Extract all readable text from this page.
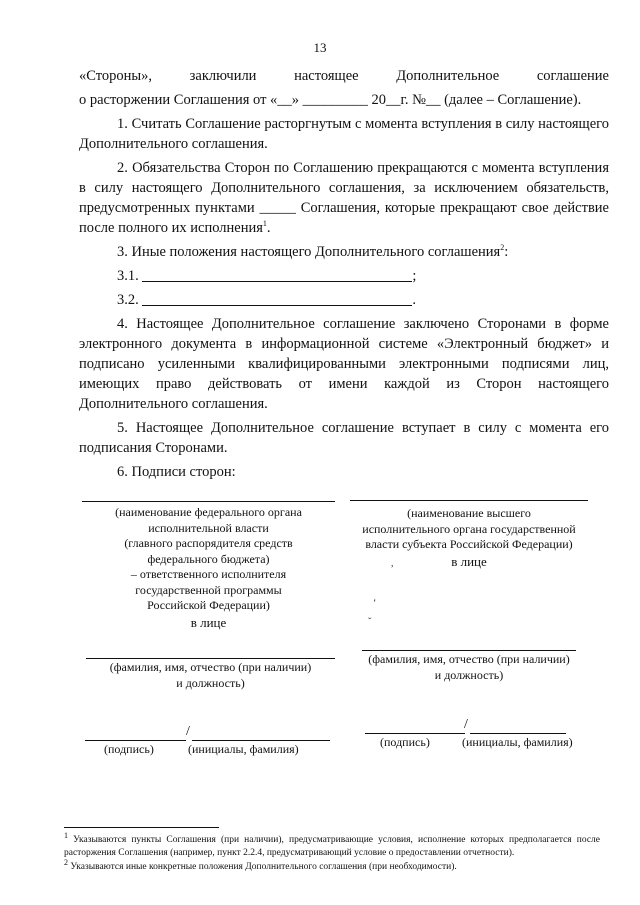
13

«Стороны», заключили настоящее Дополнительное соглашение

о расторжении Соглашения от «__» _________ 20__г. №__ (далее – Соглашение).

1. Считать Соглашение расторгнутым с момента вступления в силу настоящего Дополнительного соглашения.

2. Обязательства Сторон по Соглашению прекращаются с момента вступления в силу настоящего Дополнительного соглашения, за исключением обязательств, предусмотренных пунктами _____ Соглашения, которые прекращают свое действие после полного их исполнения$^1$.

3. Иные положения настоящего Дополнительного соглашения$^2$:

3.1.	;

3.2.	.

4. Настоящее Дополнительное соглашение заключено Сторонами в форме электронного документа в информационной системе «Электронный бюджет» и подписано усиленными квалифицированными электронными подписями лиц, имеющих право действовать от имени каждой из Сторон настоящего Дополнительного соглашения.

5. Настоящее Дополнительное соглашение вступает в силу с момента его подписания Сторонами.

6. Подписи сторон:

(наименование федерального органа
исполнительной власти
(главного распорядителя средств
федерального бюджета)
– ответственного исполнителя
государственной программы
Российской Федерации)
в лице
(фамилия, имя, отчество (при наличии)
и должность)
/
(подпись)	(инициалы, фамилия)
(наименование высшего
исполнительного органа государственной
власти субъекта Российской Федерации)
в лице
,
ʻ
ˇ
(фамилия, имя, отчество (при наличии)
и должность)
/
(подпись)	(инициалы, фамилия)

$^1$ Указываются пункты Соглашения (при наличии), предусматривающие условия, исполнение которых предполагается после расторжения Соглашения (например, пункт 2.2.4, предусматривающий условие о предоставлении отчетности).

$^2$ Указываются иные конкретные положения Дополнительного соглашения (при необходимости).
